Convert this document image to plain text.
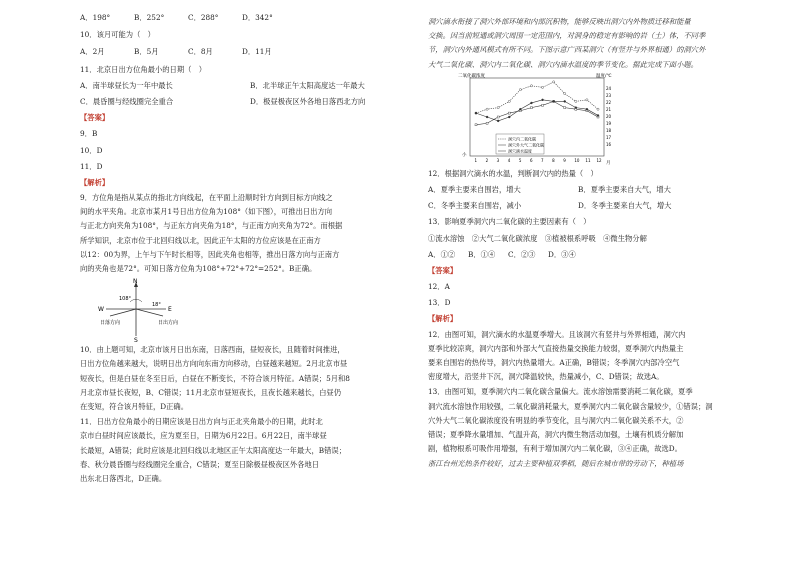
A．198°	B．252°	C．288°	D．342°
10．该月可能为（　）
A．2月	B．5月	C．8月	D．11月
11．北京日出方位角最小的日期（　）
A．南半球昼长为一年中最长	B．北半球正午太阳高度达一年最大
C．晨昏圈与经线圈完全重合	D．极昼极夜区外各地日落西北方向
【答案】
9．B
10．D
11．D
【解析】
9．方位角是指从某点的指北方向线起，在平面上沿顺时针方向到目标方向线之
间的水平夹角。北京市某月1号日出方位角为108°（如下图），可推出日出方向
与正北方向夹角为108°，与正东方向夹角为18°，与正南方向夹角为72°。而根据
所学知识，北京市位于北回归线以北，因此正午太阳的方位应该是在正南方
以12：00为界，上午与下午时长相等，因此夹角也相等，推出日落方向与正南方
向的夹角也是72°。可知日落方位角为108°+72°+72°=252°。B正确。
N
S
E
W
108°
18°
日出方向
日落方向
10．由上题可知，北京市该月日出东南，日落西南，昼短夜长，且随着时间推进，
日出方位角越来越大，说明日出方向向东南方向移动，白昼越来越短。2月北京市昼
短夜长，但是白昼在冬至日后，白昼在不断变长，不符合该月特征。A错误；5月和8
月北京市昼长夜短，B、C错误；11月北京市昼短夜长，且夜长越来越长，白昼仍
在变短，符合该月特征，D正确。
11．日出方位角最小的日期应该是日出方向与正北夹角最小的日期，此时北
京市白昼时间应该最长，应为夏至日，日期为6月22日。6月22日，南半球昼
长最短，A错误；此时应该是北回归线以北地区正午太阳高度达一年最大，B错误；
春、秋分晨昏圈与经线圈完全重合，C错误；夏至日除极昼极夜区外各地日
出东北日落西北，D正确。
洞穴滴水衔接了洞穴外部环境和内部沉积物，能够反映出洞穴内外物质迁移和能量
交换。因当前短通或洞穴周围一定范围内，对洞身的稳定有影响的岩（土）体，不同季
节，洞穴内外通风模式有所不同。下图示意广西某洞穴（有竖井与外界相通）的洞穴外
大气二氧化碳、洞穴内二氧化碳、洞穴内滴水温度的季节变化。据此完成下面小题。
二氧化碳浓度	温度/℃
小
月
1 2 3 4 5 6 7 8 9 10 11 12
24
23
22
21
20
19
18
17
16
洞穴内二氧化碳
洞穴外大气二氧化碳
洞穴滴水温度
12．根据洞穴滴水的水温，判断洞穴内的热量（　）
A．夏季主要来自围岩，增大	B．夏季主要来自大气，增大
C．冬季主要来自围岩，减小	D．冬季主要来自大气，增大
13．影响夏季洞穴内二氧化碳的主要因素有（　）
①流水溶蚀　②大气二氧化碳浓度　③植被根系呼吸　④微生物分解
A．①② B．①④ C．②③ D．③④
【答案】
12．A
13．D
【解析】
12．由图可知，洞穴滴水的水温夏季增大。且该洞穴有竖井与外界相通，洞穴内
夏季比较凉爽，洞穴内部和外部大气直接热量交换能力较弱，夏季洞穴内热量主
要来自围岩的热传导，洞穴内热量增大。A正确，B错误；冬季洞穴内部冷空气
密度增大，沿竖井下沉，洞穴降温较快，热量减小，C、D错误；故选A。
13．由图可知，夏季洞穴内二氧化碳含量偏大。流水溶蚀需要消耗二氧化碳，夏季
洞穴流水溶蚀作用较强，二氧化碳消耗量大，夏季洞穴内二氧化碳含量较少，①错误；洞
穴外大气二氧化碳浓度没有明显的季节变化，且与洞穴内二氧化碳关系不大，②
错误；夏季降水量增加、气温升高，洞穴内微生物活动加强，土壤有机质分解加
剧，植物根系可吸作用增强，有利于增加洞穴内二氧化碳，③④正确，故选D。
浙江台州光热条件较好，过去主要种植双季稻，随后在城市带的劳动下，种植场
